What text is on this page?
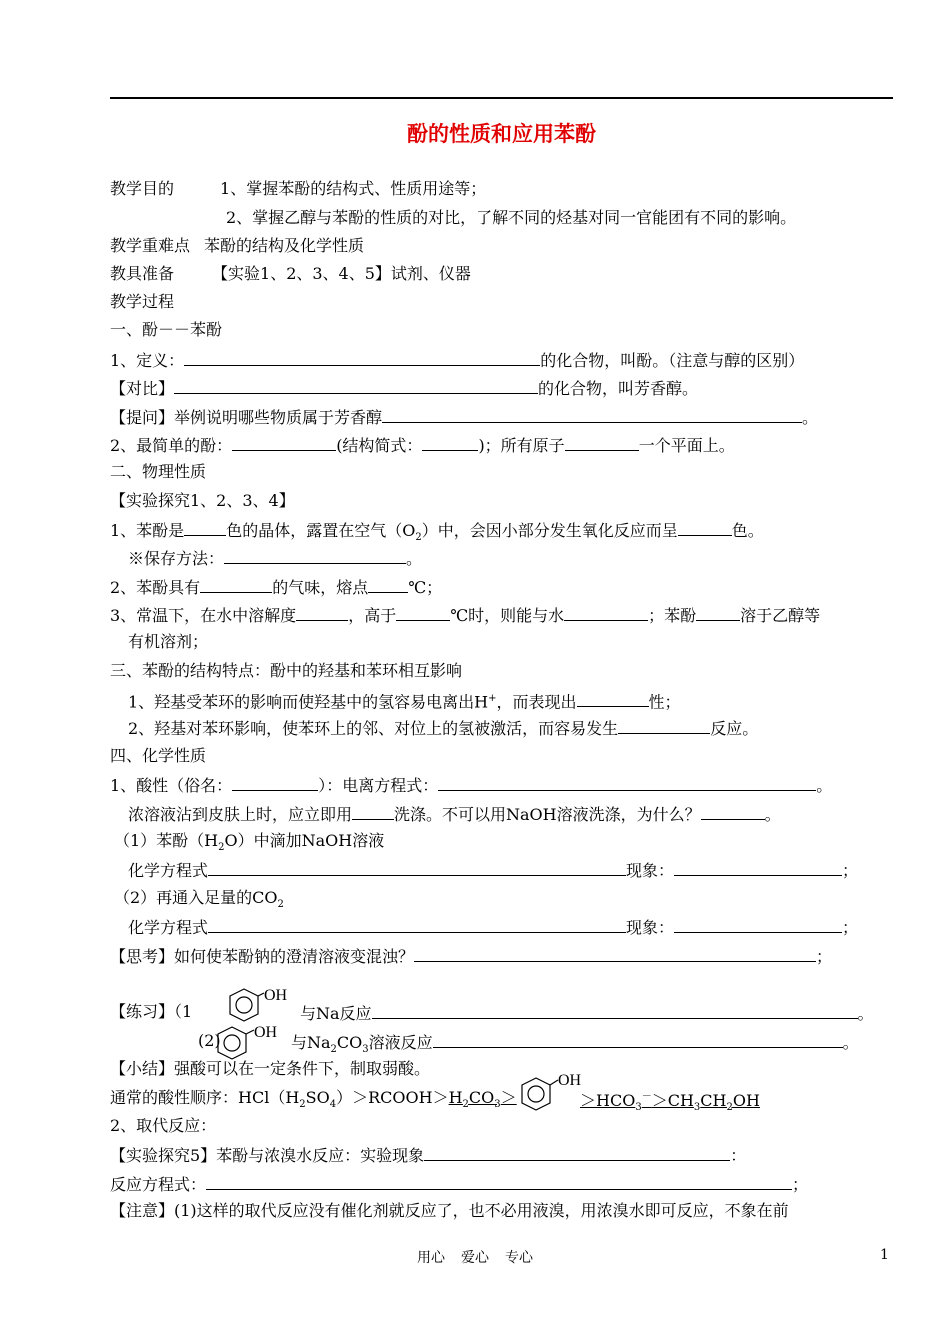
酚的性质和应用苯酚
教学目的	1、掌握苯酚的结构式、性质用途等；
2、掌握乙醇与苯酚的性质的对比，了解不同的烃基对同一官能团有不同的影响。
教学重难点 苯酚的结构及化学性质
教具准备 【实验1、2、3、4、5】试剂、仪器
教学过程
一、酚－－苯酚
1、定义：	的化合物，叫酚。（注意与醇的区别）
【对比】	的化合物，叫芳香醇。
【提问】举例说明哪些物质属于芳香醇	。
2、最简单的酚：	(结构简式：	)；所有原子	一个平面上。
二、物理性质
【实验探究1、2、3、4】
1、苯酚是	色的晶体，露置在空气$(O_2)$中，会因小部分发生氧化反应而呈	色。
※保存方法：	。
2、苯酚具有	的气味，熔点	℃；
3、常温下，在水中溶解度	，高于	℃时，则能与水	；苯酚	溶于乙醇等
有机溶剂；
三、苯酚的结构特点：酚中的羟基和苯环相互影响
1、羟基受苯环的影响而使羟基中的氢容易电离出H+，而表现出	性；
2、羟基对苯环影响，使苯环上的邻、对位上的氢被激活，而容易发生	反应。
四、化学性质
1、酸性（俗名：	）：电离方程式：	。
浓溶液沾到皮肤上时，应立即用	洗涤。不可以用NaOH溶液洗涤，为什么？	。
（1）苯酚$(H_2O)$中滴加NaOH溶液
化学方程式	现象：	；
（2）再通入足量的$CO_2$
化学方程式	现象：	；
【思考】如何使苯酚钠的澄清溶液变混浊？	；
【练习】（1
OH
与Na反应	。
(2) OH
与$Na_2CO_3$溶液反应	。
【小结】强酸可以在一定条件下，制取弱酸。
通常的酸性顺序：$HCl(H_2SO_4)>RCOOH>H_2CO_3>$
OH
$>HCO_3^->CH_3CH_2OH$
2、取代反应：
【实验探究5】苯酚与浓溴水反应：实验现象	：
反应方程式：	；
【注意】(1)这样的取代反应没有催化剂就反应了，也不必用液溴，用浓溴水即可反应，不象在前
用心 爱心 专心	1
